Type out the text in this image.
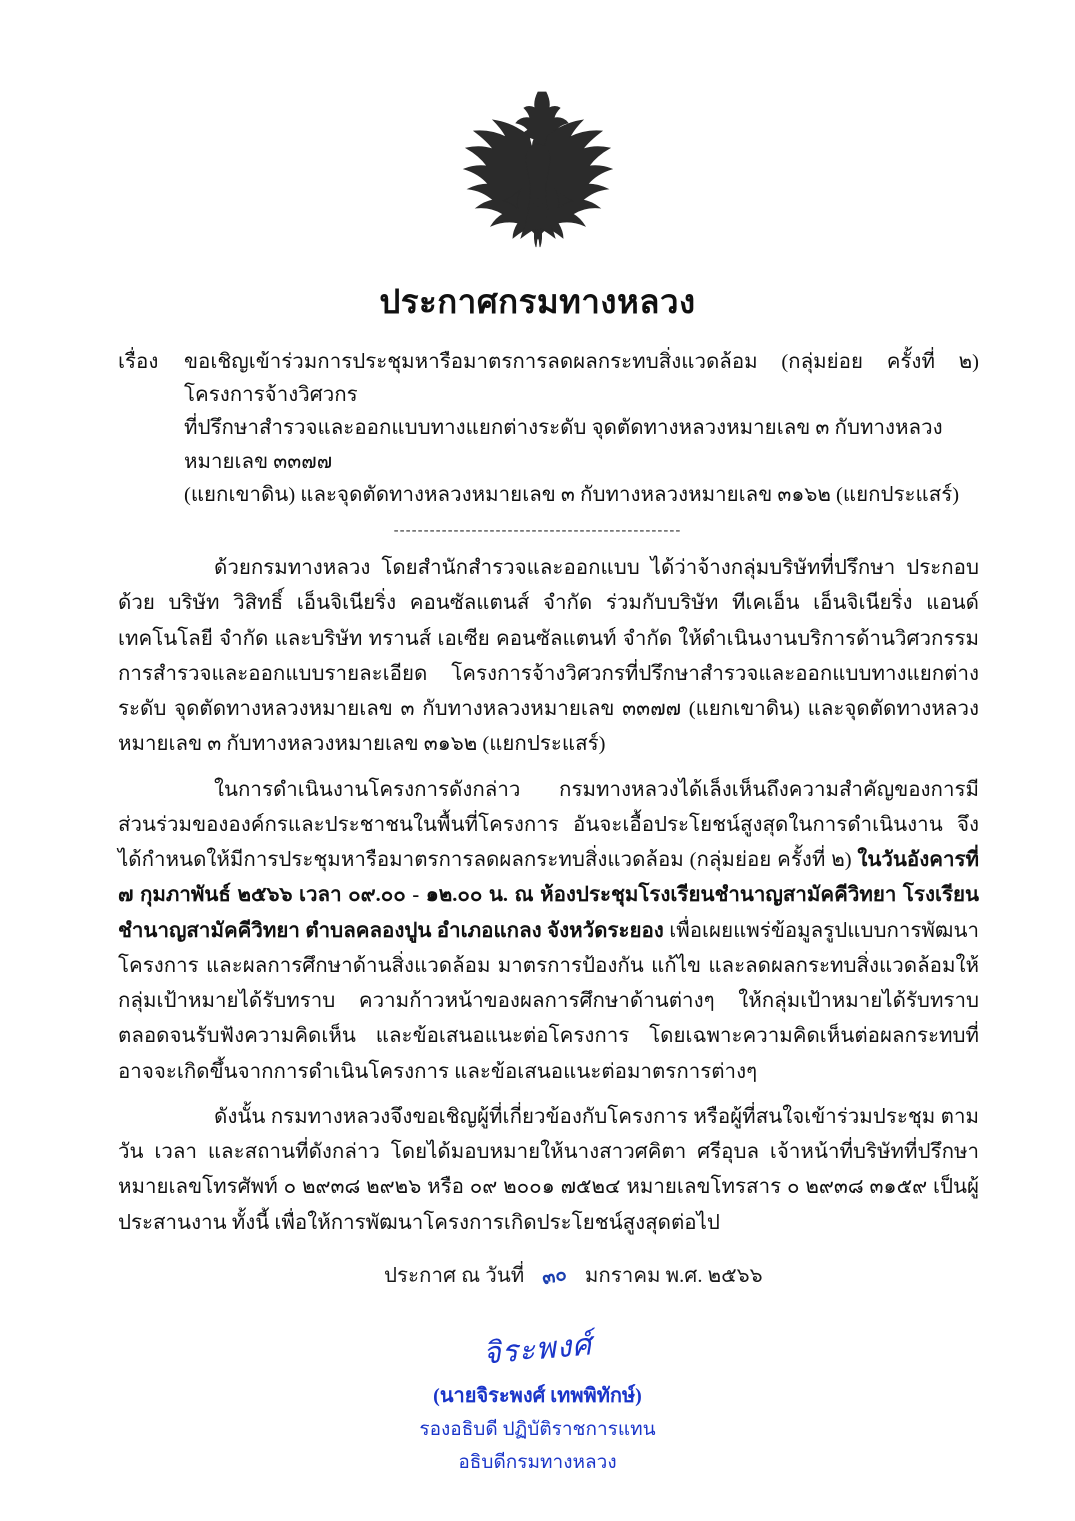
ประกาศกรมทางหลวง
เรื่อง	ขอเชิญเข้าร่วมการประชุมหารือมาตรการลดผลกระทบสิ่งแวดล้อม (กลุ่มย่อย ครั้งที่ ๒) โครงการจ้างวิศวกร
ที่ปรึกษาสำรวจและออกแบบทางแยกต่างระดับ จุดตัดทางหลวงหมายเลข ๓ กับทางหลวงหมายเลข ๓๓๗๗
(แยกเขาดิน) และจุดตัดทางหลวงหมายเลข ๓ กับทางหลวงหมายเลข ๓๑๖๒ (แยกประแสร์)
------------------------------------------------

ด้วยกรมทางหลวง โดยสำนักสำรวจและออกแบบ ได้ว่าจ้างกลุ่มบริษัทที่ปรึกษา ประกอบด้วย บริษัท วิสิทธิ์ เอ็นจิเนียริ่ง คอนซัลแตนส์ จำกัด ร่วมกับบริษัท ทีเคเอ็น เอ็นจิเนียริ่ง แอนด์ เทคโนโลยี จำกัด และบริษัท ทรานส์ เอเซีย คอนซัลแตนท์ จำกัด ให้ดำเนินงานบริการด้านวิศวกรรมการสำรวจและออกแบบรายละเอียด โครงการจ้างวิศวกรที่ปรึกษาสำรวจและออกแบบทางแยกต่างระดับ จุดตัดทางหลวงหมายเลข ๓ กับทางหลวงหมายเลข ๓๓๗๗ (แยกเขาดิน) และจุดตัดทางหลวงหมายเลข ๓ กับทางหลวงหมายเลข ๓๑๖๒ (แยกประแสร์)

ในการดำเนินงานโครงการดังกล่าว กรมทางหลวงได้เล็งเห็นถึงความสำคัญของการมีส่วนร่วมขององค์กรและประชาชนในพื้นที่โครงการ อันจะเอื้อประโยชน์สูงสุดในการดำเนินงาน จึงได้กำหนดให้มีการประชุมหารือมาตรการลดผลกระทบสิ่งแวดล้อม (กลุ่มย่อย ครั้งที่ ๒) ในวันอังคารที่ ๗ กุมภาพันธ์ ๒๕๖๖ เวลา ๐๙.๐๐ - ๑๒.๐๐ น. ณ ห้องประชุมโรงเรียนชำนาญสามัคคีวิทยา โรงเรียนชำนาญสามัคคีวิทยา ตำบลคลองปูน อำเภอแกลง จังหวัดระยอง เพื่อเผยแพร่ข้อมูลรูปแบบการพัฒนาโครงการ และผลการศึกษาด้านสิ่งแวดล้อม มาตรการป้องกัน แก้ไข และลดผลกระทบสิ่งแวดล้อมให้กลุ่มเป้าหมายได้รับทราบ ความก้าวหน้าของผลการศึกษาด้านต่างๆ ให้กลุ่มเป้าหมายได้รับทราบ ตลอดจนรับฟังความคิดเห็น และข้อเสนอแนะต่อโครงการ โดยเฉพาะความคิดเห็นต่อผลกระทบที่อาจจะเกิดขึ้นจากการดำเนินโครงการ และข้อเสนอแนะต่อมาตรการต่างๆ

ดังนั้น กรมทางหลวงจึงขอเชิญผู้ที่เกี่ยวข้องกับโครงการ หรือผู้ที่สนใจเข้าร่วมประชุม ตามวัน เวลา และสถานที่ดังกล่าว โดยได้มอบหมายให้นางสาวศคิตา ศรีอุบล เจ้าหน้าที่บริษัทที่ปรึกษา หมายเลขโทรศัพท์ ๐ ๒๙๓๘ ๒๙๒๖ หรือ ๐๙ ๒๐๐๑ ๗๕๒๔ หมายเลขโทรสาร ๐ ๒๙๓๘ ๓๑๕๙ เป็นผู้ประสานงาน ทั้งนี้ เพื่อให้การพัฒนาโครงการเกิดประโยชน์สูงสุดต่อไป

ประกาศ ณ วันที่ ๓๐ มกราคม พ.ศ. ๒๕๖๖
จิระพงศ์
(นายจิระพงศ์ เทพพิทักษ์)
รองอธิบดี ปฏิบัติราชการแทน
อธิบดีกรมทางหลวง
